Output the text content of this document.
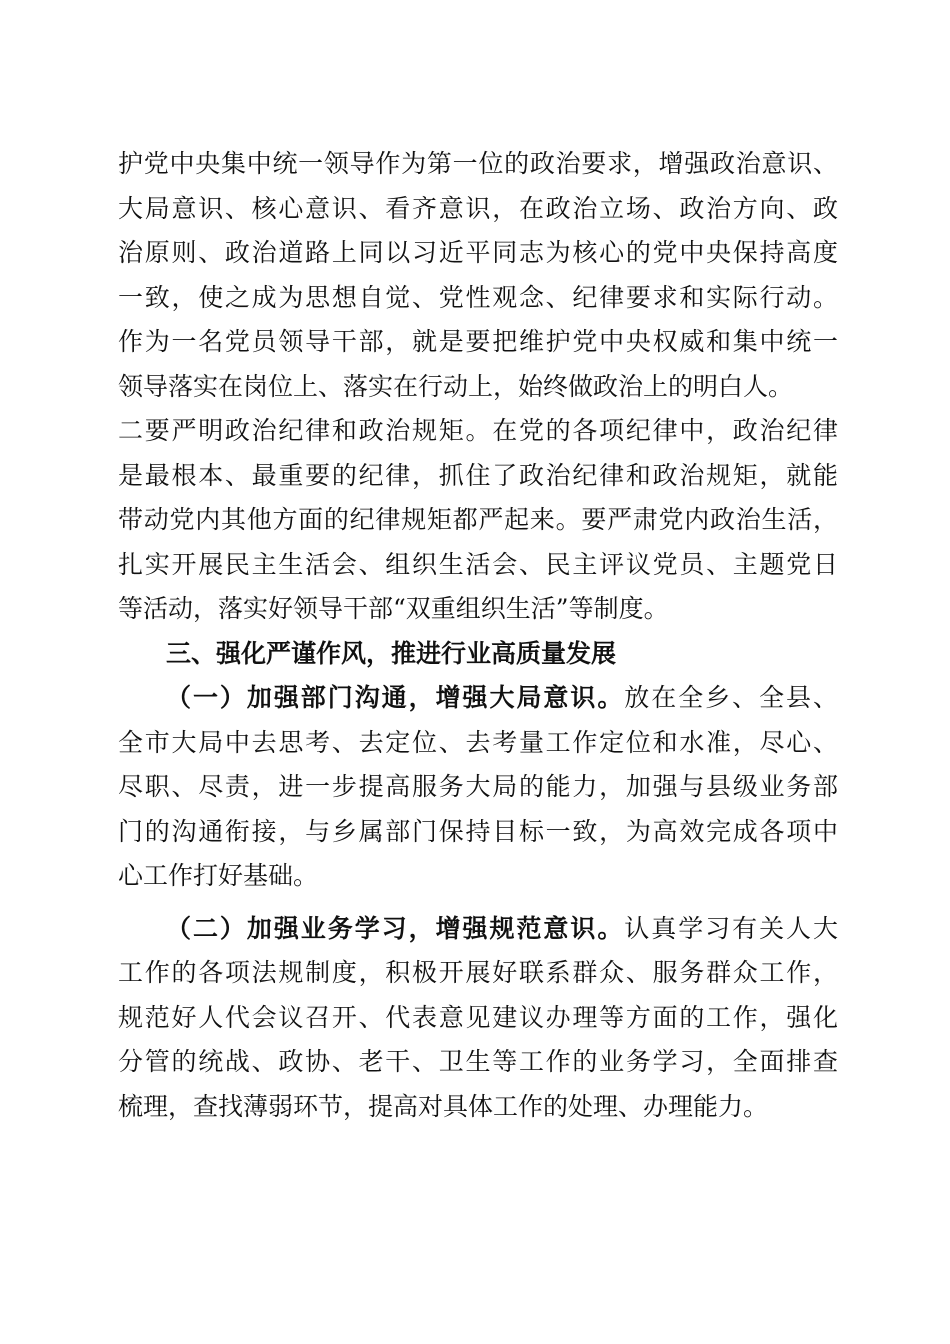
护党中央集中统一领导作为第一位的政治要求，增强政治意识、
大局意识、核心意识、看齐意识，在政治立场、政治方向、政
治原则、政治道路上同以习近平同志为核心的党中央保持高度
一致，使之成为思想自觉、党性观念、纪律要求和实际行动。
作为一名党员领导干部，就是要把维护党中央权威和集中统一
领导落实在岗位上、落实在行动上，始终做政治上的明白人。
二要严明政治纪律和政治规矩。在党的各项纪律中，政治纪律
是最根本、最重要的纪律，抓住了政治纪律和政治规矩，就能
带动党内其他方面的纪律规矩都严起来。要严肃党内政治生活，
扎实开展民主生活会、组织生活会、民主评议党员、主题党日
等活动，落实好领导干部“双重组织生活”等制度。
三、强化严谨作风，推进行业高质量发展
（一）加强部门沟通，增强大局意识。放在全乡、全县、
全市大局中去思考、去定位、去考量工作定位和水准，尽心、
尽职、尽责，进一步提高服务大局的能力，加强与县级业务部
门的沟通衔接，与乡属部门保持目标一致，为高效完成各项中
心工作打好基础。
（二）加强业务学习，增强规范意识。认真学习有关人大
工作的各项法规制度，积极开展好联系群众、服务群众工作，
规范好人代会议召开、代表意见建议办理等方面的工作，强化
分管的统战、政协、老干、卫生等工作的业务学习，全面排查
梳理，查找薄弱环节，提高对具体工作的处理、办理能力。
